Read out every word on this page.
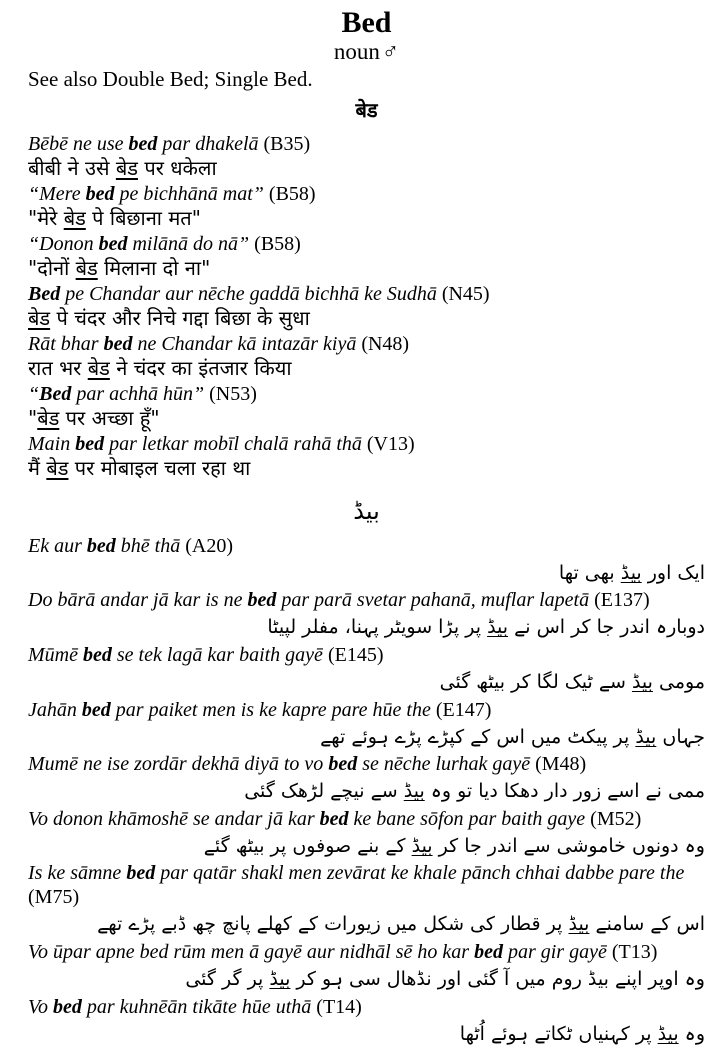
Bed
noun♂
See also Double Bed; Single Bed.
बेड
Bēbē ne use bed par dhakelā (B35)
बीबी ने उसे बेड पर धकेला
“Mere bed pe bichhānā mat” (B58)
"मेरे बेड पे बिछाना मत"
“Donon bed milānā do nā” (B58)
"दोनों बेड मिलाना दो ना"
Bed pe Chandar aur nēche gaddā bichhā ke Sudhā (N45)
बेड पे चंदर और निचे गद्दा बिछा के सुधा
Rāt bhar bed ne Chandar kā intazār kiyā (N48)
रात भर बेड ने चंदर का इंतजार किया
“Bed par achhā hūn” (N53)
"बेड पर अच्छा हूँ"
Main bed par letkar mobīl chalā rahā thā (V13)
मैं बेड पर मोबाइल चला रहा था
بیڈ
Ek aur bed bhē thā (A20)
ایک اور بیڈ بھی تھا
Do bārā andar jā kar is ne bed par parā svetar pahanā, muflar lapetā (E137)
دوبارہ اندر جا کر اس نے بیڈ پر پڑا سویٹر پہنا، مفلر لپیٹا
Mūmē bed se tek lagā kar baith gayē (E145)
مومی بیڈ سے ٹیک لگا کر بیٹھ گئی
Jahān bed par paiket men is ke kapre pare hūe the (E147)
جہاں بیڈ پر پیکٹ میں اس کے کپڑے پڑے ہوئے تھے
Mumē ne ise zordār dekhā diyā to vo bed se nēche lurhak gayē (M48)
ممی نے اسے زور دار دھکا دیا تو وہ بیڈ سے نیچے لڑھک گئی
Vo donon khāmoshē se andar jā kar bed ke bane sōfon par baith gaye (M52)
وہ دونوں خاموشی سے اندر جا کر بیڈ کے بنے صوفوں پر بیٹھ گئے
Is ke sāmne bed par qatār shakl men zevārat ke khale pānch chhai dabbe pare the (M75)
اس کے سامنے بیڈ پر قطار کی شکل میں زیورات کے کھلے پانچ چھ ڈبے پڑے تھے
Vo ūpar apne bed rūm men ā gayē aur nidhāl sē ho kar bed par gir gayē (T13)
وہ اوپر اپنے بیڈ روم میں آ گئی اور نڈھال سی ہو کر بیڈ پر گر گئی
Vo bed par kuhnēān tikāte hūe uthā (T14)
وہ بیڈ پر کہنیاں ٹکاتے ہوئے اُٹھا
